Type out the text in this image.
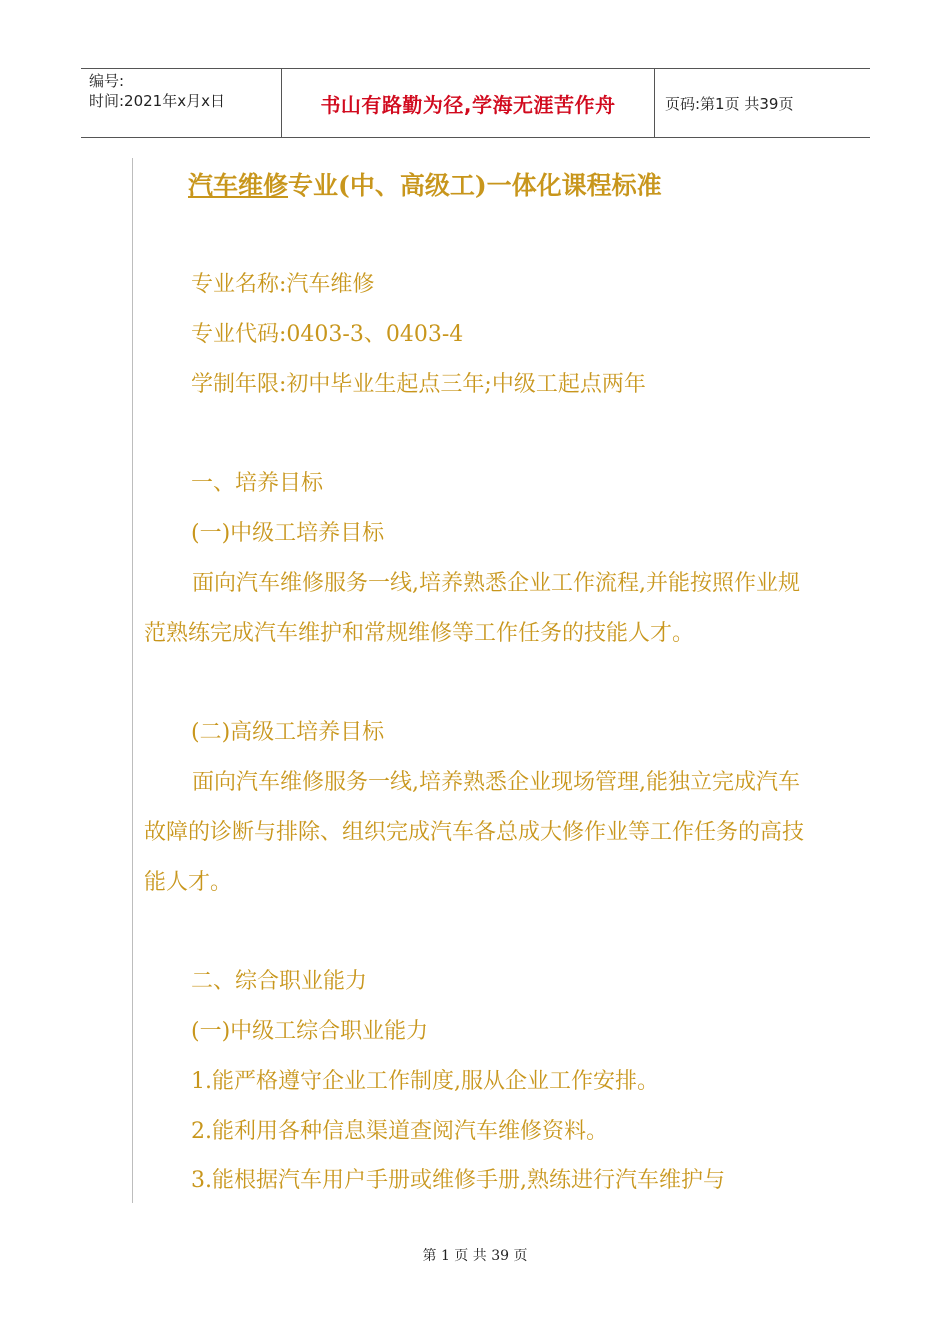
编号:
时间:2021年x月x日	书山有路勤为径,学海无涯苦作舟	页码:第1页 共39页
汽车维修专业(中、高级工)一体化课程标准
专业名称:汽车维修
专业代码:0403-3、0403-4
学制年限:初中毕业生起点三年;中级工起点两年
一、培养目标
(一)中级工培养目标
面向汽车维修服务一线,培养熟悉企业工作流程,并能按照作业规范熟练完成汽车维护和常规维修等工作任务的技能人才。
(二)高级工培养目标
面向汽车维修服务一线,培养熟悉企业现场管理,能独立完成汽车故障的诊断与排除、组织完成汽车各总成大修作业等工作任务的高技能人才。
二、综合职业能力
(一)中级工综合职业能力
1.能严格遵守企业工作制度,服从企业工作安排。
2.能利用各种信息渠道查阅汽车维修资料。
3.能根据汽车用户手册或维修手册,熟练进行汽车维护与
第 1 页 共 39 页
